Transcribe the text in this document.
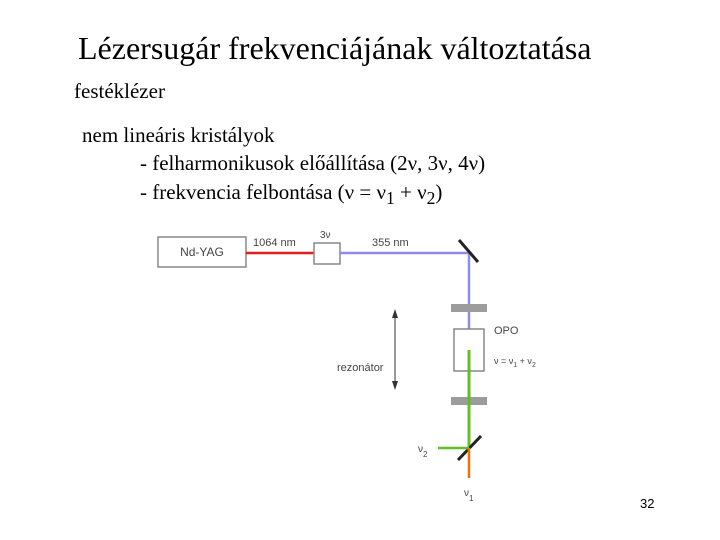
Lézersugár frekvenciájának változtatása
festéklézer
nem lineáris kristályok
- felharmonikusok előállítása (2ν, 3ν, 4ν)
- frekvencia felbontása $(\nu = \nu_1 + \nu_2)$
Nd-YAG
1064 nm
3ν
355 nm
OPO
$\nu = \nu_1 + \nu_2$
$\nu_2$
$\nu_1$
rezonátor
32
